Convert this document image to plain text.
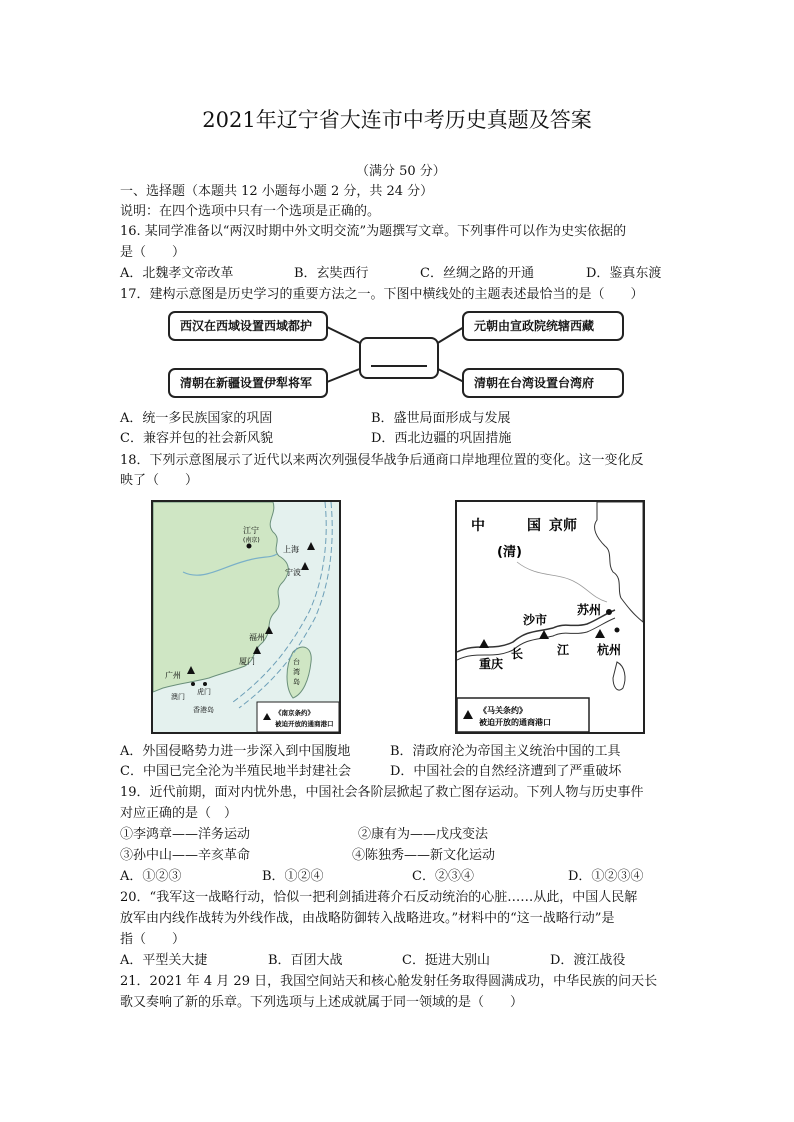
2021年辽宁省大连市中考历史真题及答案
（满分 50 分）
一、选择题（本题共 12 小题每小题 2 分，共 24 分）
说明：在四个选项中只有一个选项是正确的。
16. 某同学准备以“两汉时期中外文明交流”为题撰写文章。下列事件可以作为史实依据的
是（　　）
A．北魏孝文帝改革	B．玄奘西行	C．丝绸之路的开通	D．鉴真东渡
17．建构示意图是历史学习的重要方法之一。下图中横线处的主题表述最恰当的是（　　）
西汉在西域设置西域都护	元朝由宣政院统辖西藏
清朝在新疆设置伊犁将军	清朝在台湾设置台湾府
A．统一多民族国家的巩固	B．盛世局面形成与发展
C．兼容并包的社会新风貌	D．西北边疆的巩固措施
18．下列示意图展示了近代以来两次列强侵华战争后通商口岸地理位置的变化。这一变化反
映了（　　）
江宁
(南京)
上海
宁波
福州
厦门
广州
虎门
澳门
香港岛
台
湾
岛
《南京条约》
被迫开放的通商港口
中	国 京师
(清)
苏州
沙市
长	江 杭州
重庆
《马关条约》
被迫开放的通商港口
A．外国侵略势力进一步深入到中国腹地	B．清政府沦为帝国主义统治中国的工具
C．中国已完全沦为半殖民地半封建社会	D．中国社会的自然经济遭到了严重破坏
19．近代前期，面对内忧外患，中国社会各阶层掀起了救亡图存运动。下列人物与历史事件
对应正确的是（　）
①李鸿章——洋务运动	②康有为——戊戌变法
③孙中山——辛亥革命	④陈独秀——新文化运动
A．①②③	B．①②④	C．②③④	D．①②③④
20．“我军这一战略行动，恰似一把利剑插进蒋介石反动统治的心脏……从此，中国人民解
放军由内线作战转为外线作战，由战略防御转入战略进攻。”材料中的“这一战略行动”是
指（　　）
A．平型关大捷	B．百团大战	C．挺进大别山	D．渡江战役
21．2021 年 4 月 29 日，我国空间站天和核心舱发射任务取得圆满成功，中华民族的问天长
歌又奏响了新的乐章。下列选项与上述成就属于同一领域的是（　　）
